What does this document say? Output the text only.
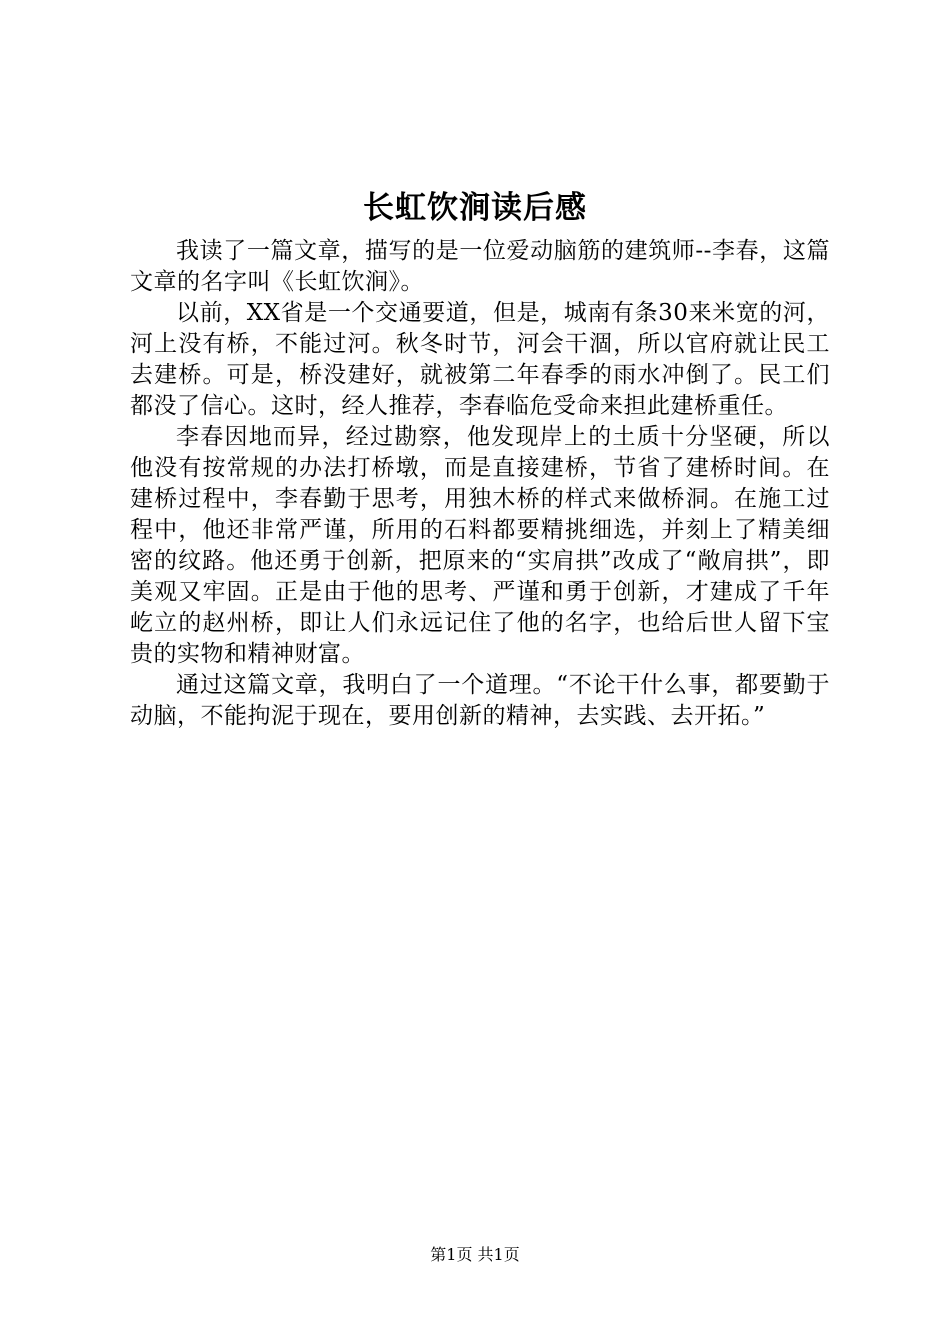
长虹饮涧读后感

我读了一篇文章，描写的是一位爱动脑筋的建筑师--李春，这篇文章的名字叫《长虹饮涧》。

以前，XX省是一个交通要道，但是，城南有条30来米宽的河，河上没有桥，不能过河。秋冬时节，河会干涸，所以官府就让民工去建桥。可是，桥没建好，就被第二年春季的雨水冲倒了。民工们都没了信心。这时，经人推荐，李春临危受命来担此建桥重任。

李春因地而异，经过勘察，他发现岸上的土质十分坚硬，所以他没有按常规的办法打桥墩，而是直接建桥，节省了建桥时间。在建桥过程中，李春勤于思考，用独木桥的样式来做桥洞。在施工过程中，他还非常严谨，所用的石料都要精挑细选，并刻上了精美细密的纹路。他还勇于创新，把原来的“实肩拱”改成了“敞肩拱”，即美观又牢固。正是由于他的思考、严谨和勇于创新，才建成了千年屹立的赵州桥，即让人们永远记住了他的名字，也给后世人留下宝贵的实物和精神财富。

通过这篇文章，我明白了一个道理。“不论干什么事，都要勤于动脑，不能拘泥于现在，要用创新的精神，去实践、去开拓。”

第1页 共1页
